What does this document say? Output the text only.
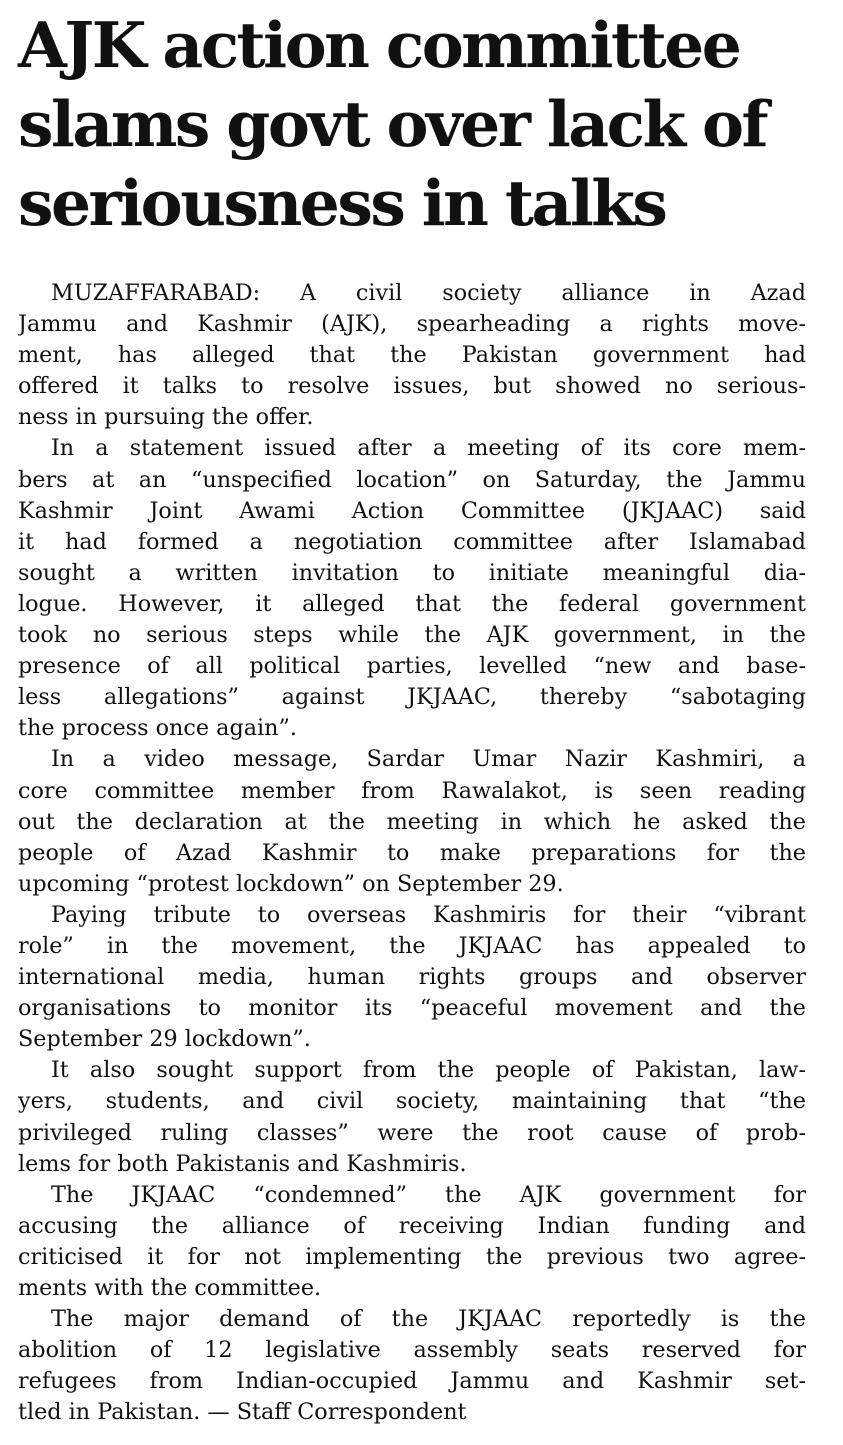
AJK action committee
slams govt over lack of
seriousness in talks
MUZAFFARABAD: A civil society alliance in Azad
Jammu and Kashmir (AJK), spearheading a rights move-
ment, has alleged that the Pakistan government had
offered it talks to resolve issues, but showed no serious-
ness in pursuing the offer.
In a statement issued after a meeting of its core mem-
bers at an “unspecified location” on Saturday, the Jammu
Kashmir Joint Awami Action Committee (JKJAAC) said
it had formed a negotiation committee after Islamabad
sought a written invitation to initiate meaningful dia-
logue. However, it alleged that the federal government
took no serious steps while the AJK government, in the
presence of all political parties, levelled “new and base-
less allegations” against JKJAAC, thereby “sabotaging
the process once again”.
In a video message, Sardar Umar Nazir Kashmiri, a
core committee member from Rawalakot, is seen reading
out the declaration at the meeting in which he asked the
people of Azad Kashmir to make preparations for the
upcoming “protest lockdown” on September 29.
Paying tribute to overseas Kashmiris for their “vibrant
role” in the movement, the JKJAAC has appealed to
international media, human rights groups and observer
organisations to monitor its “peaceful movement and the
September 29 lockdown”.
It also sought support from the people of Pakistan, law-
yers, students, and civil society, maintaining that “the
privileged ruling classes” were the root cause of prob-
lems for both Pakistanis and Kashmiris.
The JKJAAC “condemned” the AJK government for
accusing the alliance of receiving Indian funding and
criticised it for not implementing the previous two agree-
ments with the committee.
The major demand of the JKJAAC reportedly is the
abolition of 12 legislative assembly seats reserved for
refugees from Indian-occupied Jammu and Kashmir set-
tled in Pakistan. — Staff Correspondent
